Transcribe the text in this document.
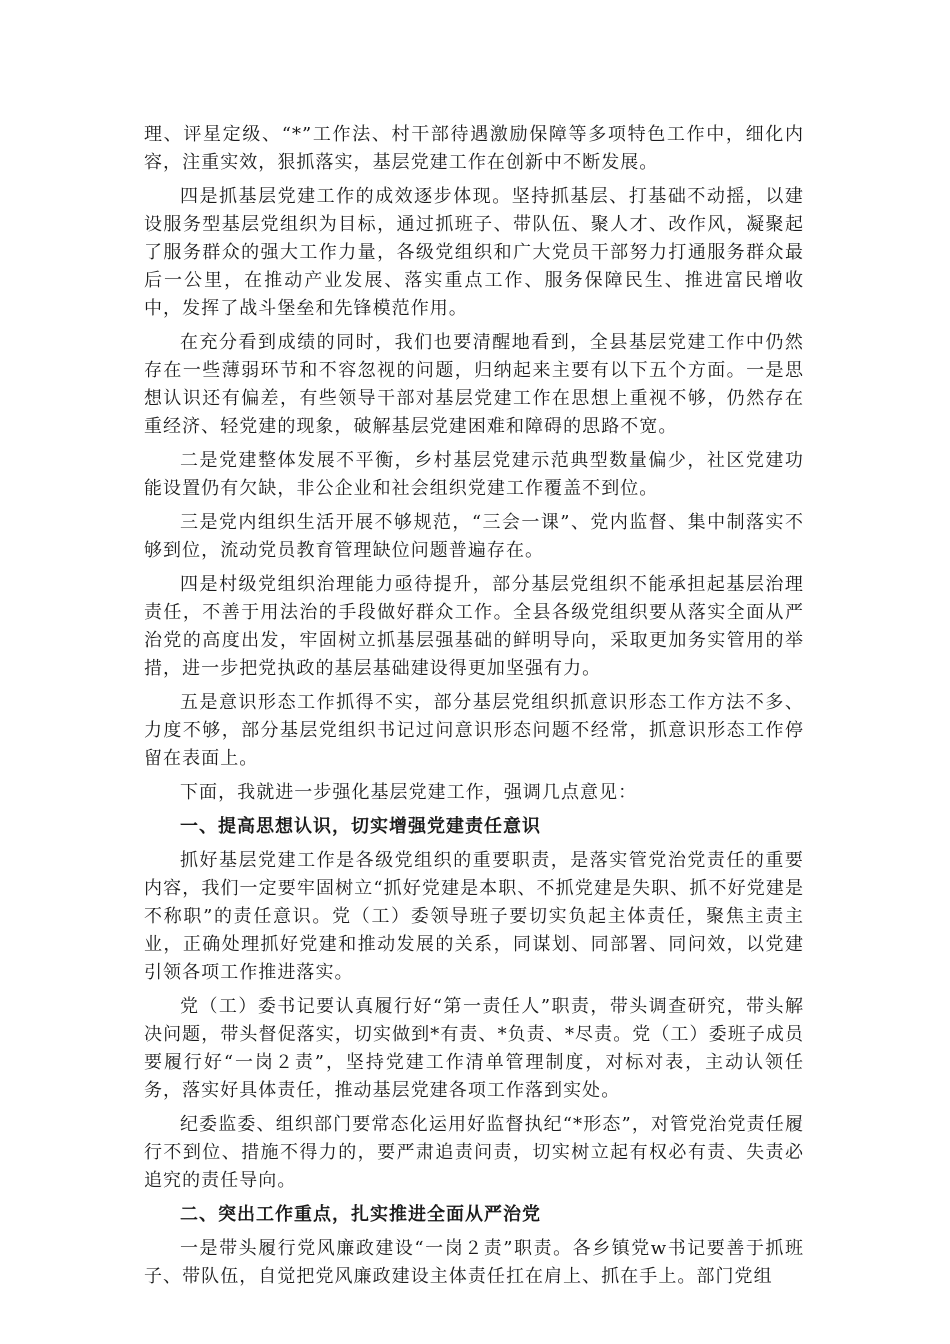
理、评星定级、“*”工作法、村干部待遇激励保障等多项特色工作中，细化内容，注重实效，狠抓落实，基层党建工作在创新中不断发展。

四是抓基层党建工作的成效逐步体现。坚持抓基层、打基础不动摇，以建设服务型基层党组织为目标，通过抓班子、带队伍、聚人才、改作风，凝聚起了服务群众的强大工作力量，各级党组织和广大党员干部努力打通服务群众最后一公里，在推动产业发展、落实重点工作、服务保障民生、推进富民增收中，发挥了战斗堡垒和先锋模范作用。

在充分看到成绩的同时，我们也要清醒地看到，全县基层党建工作中仍然存在一些薄弱环节和不容忽视的问题，归纳起来主要有以下五个方面。一是思想认识还有偏差，有些领导干部对基层党建工作在思想上重视不够，仍然存在重经济、轻党建的现象，破解基层党建困难和障碍的思路不宽。

二是党建整体发展不平衡，乡村基层党建示范典型数量偏少，社区党建功能设置仍有欠缺，非公企业和社会组织党建工作覆盖不到位。

三是党内组织生活开展不够规范，“三会一课”、党内监督、集中制落实不够到位，流动党员教育管理缺位问题普遍存在。

四是村级党组织治理能力亟待提升，部分基层党组织不能承担起基层治理责任，不善于用法治的手段做好群众工作。全县各级党组织要从落实全面从严治党的高度出发，牢固树立抓基层强基础的鲜明导向，采取更加务实管用的举措，进一步把党执政的基层基础建设得更加坚强有力。

五是意识形态工作抓得不实，部分基层党组织抓意识形态工作方法不多、力度不够，部分基层党组织书记过问意识形态问题不经常，抓意识形态工作停留在表面上。

下面，我就进一步强化基层党建工作，强调几点意见：

一、提高思想认识，切实增强党建责任意识

抓好基层党建工作是各级党组织的重要职责，是落实管党治党责任的重要内容，我们一定要牢固树立“抓好党建是本职、不抓党建是失职、抓不好党建是不称职”的责任意识。党（工）委领导班子要切实负起主体责任，聚焦主责主业，正确处理抓好党建和推动发展的关系，同谋划、同部署、同问效，以党建引领各项工作推进落实。

党（工）委书记要认真履行好“第一责任人”职责，带头调查研究，带头解决问题，带头督促落实，切实做到*有责、*负责、*尽责。党（工）委班子成员要履行好“一岗２责”，坚持党建工作清单管理制度，对标对表，主动认领任务，落实好具体责任，推动基层党建各项工作落到实处。

纪委监委、组织部门要常态化运用好监督执纪“*形态”，对管党治党责任履行不到位、措施不得力的，要严肃追责问责，切实树立起有权必有责、失责必追究的责任导向。

二、突出工作重点，扎实推进全面从严治党

一是带头履行党风廉政建设“一岗２责”职责。各乡镇党w书记要善于抓班子、带队伍，自觉把党风廉政建设主体责任扛在肩上、抓在手上。部门党组
